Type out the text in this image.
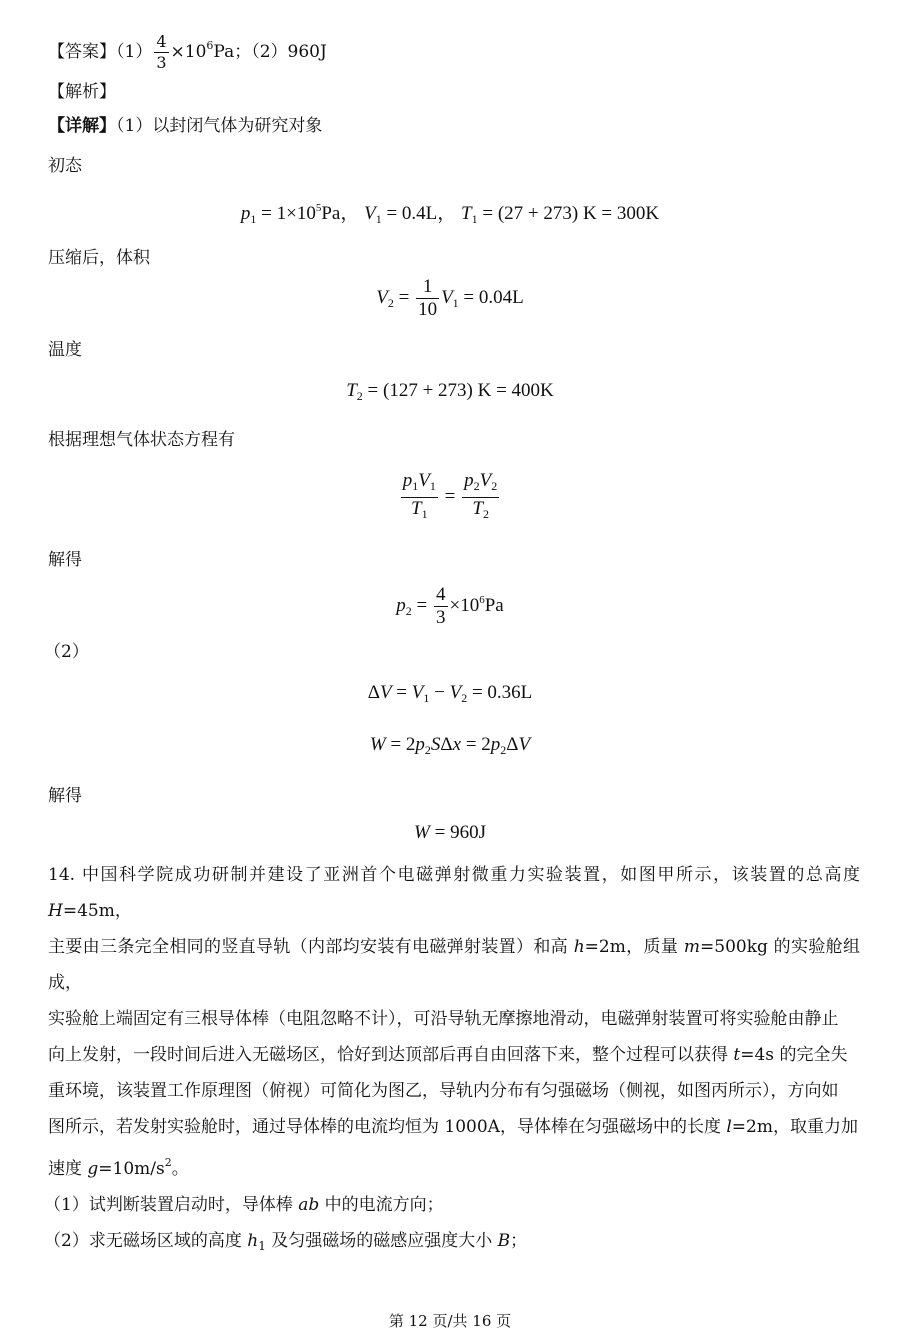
【答案】$(1) \frac{4}{3} \times 10^6Pa$；（2）960J
【解析】
【详解】（1）以封闭气体为研究对象
初态
$p_1 = 1\times 10^5Pa$， $V_1 = 0.4L$， $T_1 = (27 + 273) K = 300K$
压缩后，体积
$V_2 = \frac{1}{10} V_1 = 0.04L$
温度
$T_2 = (127 + 273) K = 400K$
根据理想气体状态方程有
$\frac{p_1V_1}{T_1} = \frac{p_2V_2}{T_2}$
解得
$p_2 = \frac{4}{3} \times 10^6Pa$
（2）
$\Delta V = V_1 - V_2 = 0.36L$
$W = 2p_2S\Delta x = 2p_2\Delta V$
解得
W = 960J
14. 中国科学院成功研制并建设了亚洲首个电磁弹射微重力实验装置，如图甲所示，该装置的总高度H=45m，
主要由三条完全相同的竖直导轨（内部均安装有电磁弹射装置）和高 h=2m，质量 m=500kg 的实验舱组成，
实验舱上端固定有三根导体棒（电阻忽略不计），可沿导轨无摩擦地滑动，电磁弹射装置可将实验舱由静止
向上发射，一段时间后进入无磁场区，恰好到达顶部后再自由回落下来，整个过程可以获得 t=4s 的完全失
重环境，该装置工作原理图（俯视）可简化为图乙，导轨内分布有匀强磁场（侧视，如图丙所示），方向如
图所示，若发射实验舱时，通过导体棒的电流均恒为 1000A，导体棒在匀强磁场中的长度 l=2m，取重力加
速度 $g=10m/s^2$。
（1）试判断装置启动时，导体棒 ab 中的电流方向；
（2）求无磁场区域的高度 $h_1$ 及匀强磁场的磁感应强度大小 B；
第 12 页/共 16 页
